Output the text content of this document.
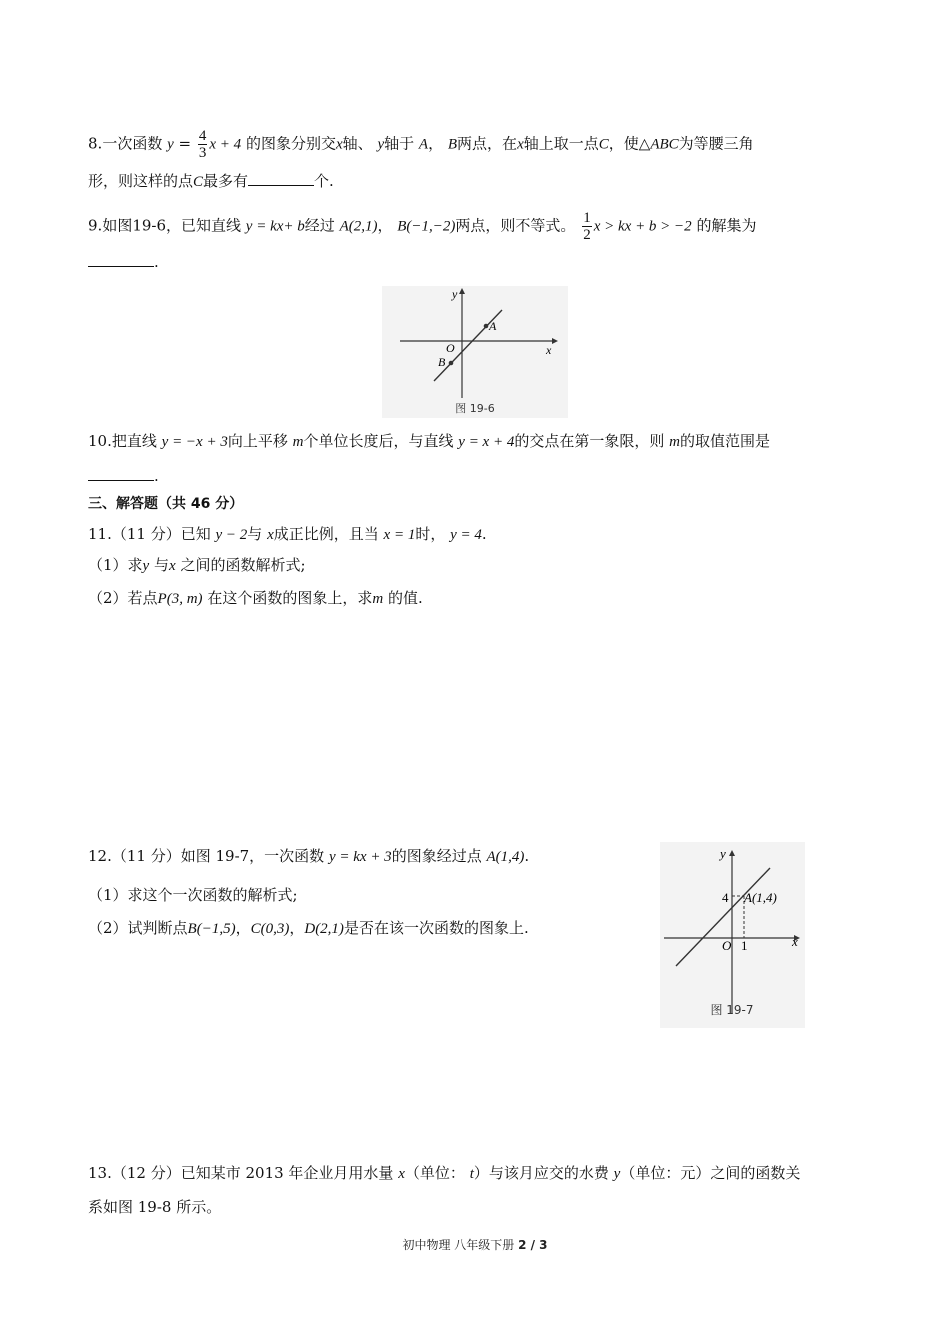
8.一次函数 $y = \frac{4}{3}$ x + 4 的图象分别交x轴、 y轴于 A， B两点，在x轴上取一点C，使△ABC为等腰三角
形，则这样的点C最多有	个.
9.如图19-6，已知直线 y = kx+ b经过 A(2,1)， B(−1,−2)两点，则不等式。 $\frac{1}{2}$ x > kx + b > −2 的解集为
.
y
x
O
A
B
图 19-6
10.把直线 y = −x + 3向上平移 m个单位长度后，与直线 y = x + 4的交点在第一象限，则 m的取值范围是
.
三、解答题（共 46 分）
11.（11 分）已知 y − 2与 x成正比例，且当 x = 1时， y = 4.
（1）求y 与x 之间的函数解析式;
（2）若点P(3, m) 在这个函数的图象上，求m 的值.
12.（11 分）如图 19-7，一次函数 y = kx + 3的图象经过点 A(1,4).
（1）求这个一次函数的解析式;
（2）试判断点B(−1,5)，C(0,3)，D(2,1)是否在该一次函数的图象上.
y
x
O
4
1
A(1,4)
图 19-7
13.（12 分）已知某市 2013 年企业月用水量 x（单位： t）与该月应交的水费 y（单位：元）之间的函数关
系如图 19-8 所示。
初中物理 八年级下册 2 / 3
